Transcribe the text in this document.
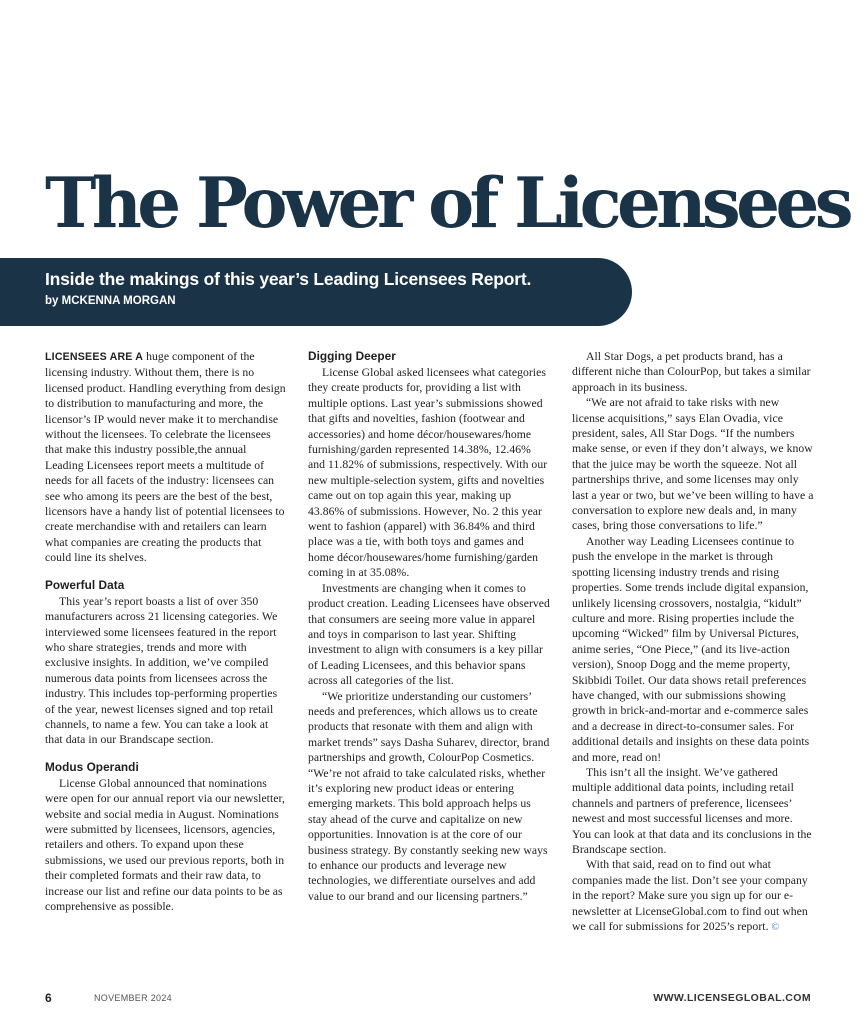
The Power of Licensees

Inside the makings of this year’s Leading Licensees Report.

by MCKENNA MORGAN

LICENSEES ARE A huge component of the licensing industry. Without them, there is no licensed product. Handling everything from design to distribution to manufacturing and more, the licensor’s IP would never make it to merchandise without the licensees. To celebrate the licensees that make this industry possible,the annual Leading Licensees report meets a multitude of needs for all facets of the industry: licensees can see who among its peers are the best of the best, licensors have a handy list of potential licensees to create merchandise with and retailers can learn what companies are creating the products that could line its shelves.

Powerful Data

This year’s report boasts a list of over 350 manufacturers across 21 licensing categories. We interviewed some licensees featured in the report who share strategies, trends and more with exclusive insights. In addition, we’ve compiled numerous data points from licensees across the industry. This includes top-performing properties of the year, newest licenses signed and top retail channels, to name a few. You can take a look at that data in our Brandscape section.

Modus Operandi

License Global announced that nominations were open for our annual report via our newsletter, website and social media in August. Nominations were submitted by licensees, licensors, agencies, retailers and others. To expand upon these submissions, we used our previous reports, both in their completed formats and their raw data, to increase our list and refine our data points to be as comprehensive as possible.

Digging Deeper

License Global asked licensees what categories they create products for, providing a list with multiple options. Last year’s submissions showed that gifts and novelties, fashion (footwear and accessories) and home décor/housewares/home furnishing/garden represented 14.38%, 12.46% and 11.82% of submissions, respectively. With our new multiple-selection system, gifts and novelties came out on top again this year, making up 43.86% of submissions. However, No. 2 this year went to fashion (apparel) with 36.84% and third place was a tie, with both toys and games and home décor/housewares/home furnishing/garden coming in at 35.08%.

Investments are changing when it comes to product creation. Leading Licensees have observed that consumers are seeing more value in apparel and toys in comparison to last year. Shifting investment to align with consumers is a key pillar of Leading Licensees, and this behavior spans across all categories of the list.

“We prioritize understanding our customers’ needs and preferences, which allows us to create products that resonate with them and align with market trends” says Dasha Suharev, director, brand partnerships and growth, ColourPop Cosmetics. “We’re not afraid to take calculated risks, whether it’s exploring new product ideas or entering emerging markets. This bold approach helps us stay ahead of the curve and capitalize on new opportunities. Innovation is at the core of our business strategy. By constantly seeking new ways to enhance our products and leverage new technologies, we differentiate ourselves and add value to our brand and our licensing partners.”

All Star Dogs, a pet products brand, has a different niche than ColourPop, but takes a similar approach in its business.

“We are not afraid to take risks with new license acquisitions,” says Elan Ovadia, vice president, sales, All Star Dogs. “If the numbers make sense, or even if they don’t always, we know that the juice may be worth the squeeze. Not all partnerships thrive, and some licenses may only last a year or two, but we’ve been willing to have a conversation to explore new deals and, in many cases, bring those conversations to life.”

Another way Leading Licensees continue to push the envelope in the market is through spotting licensing industry trends and rising properties. Some trends include digital expansion, unlikely licensing crossovers, nostalgia, “kidult” culture and more. Rising properties include the upcoming “Wicked” film by Universal Pictures, anime series, “One Piece,” (and its live-action version), Snoop Dogg and the meme property, Skibbidi Toilet. Our data shows retail preferences have changed, with our submissions showing growth in brick-and-mortar and e-commerce sales and a decrease in direct-to-consumer sales. For additional details and insights on these data points and more, read on!

This isn’t all the insight. We’ve gathered multiple additional data points, including retail channels and partners of preference, licensees’ newest and most successful licenses and more. You can look at that data and its conclusions in the Brandscape section.

With that said, read on to find out what companies made the list. Don’t see your company in the report? Make sure you sign up for our e-newsletter at LicenseGlobal.com to find out when we call for submissions for 2025’s report. ©

6	NOVEMBER 2024	WWW.LICENSEGLOBAL.COM
